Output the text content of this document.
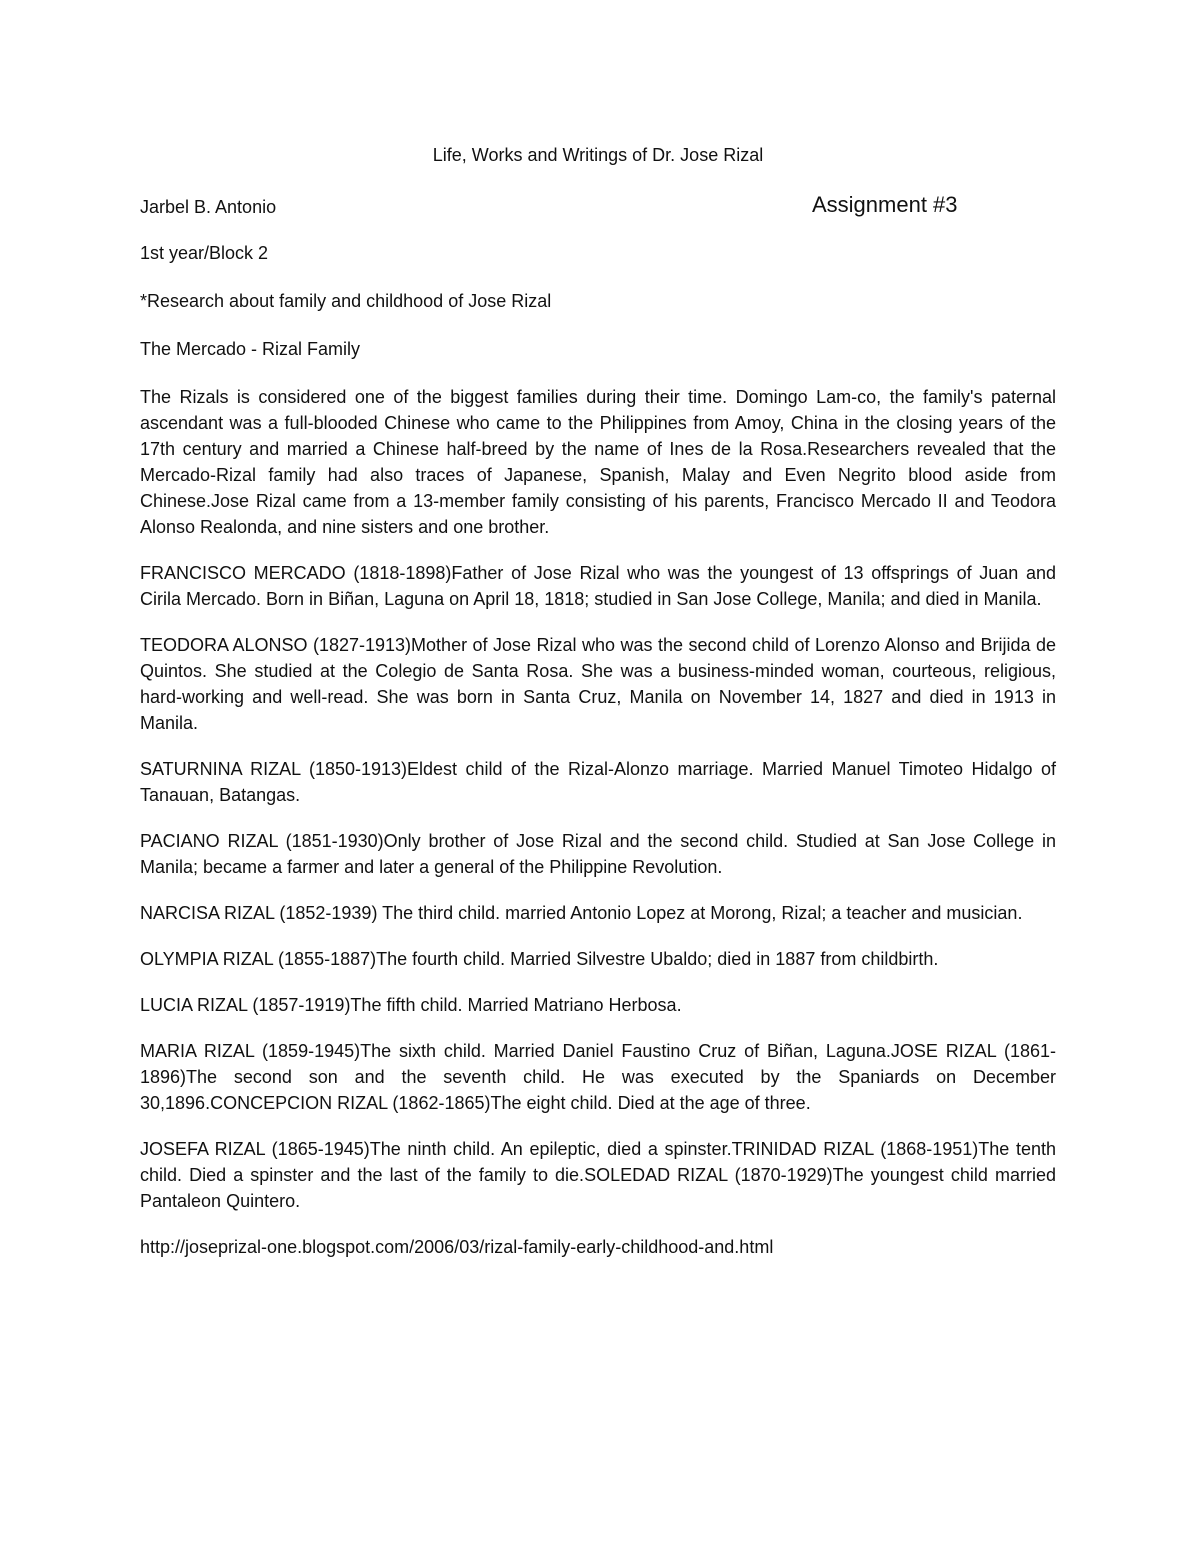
Life, Works and Writings of Dr. Jose Rizal

Jarbel B. Antonio	Assignment #3

1st year/Block 2

*Research about family and childhood of Jose Rizal

The Mercado - Rizal Family

The Rizals is considered one of the biggest families during their time. Domingo Lam-co, the family's paternal ascendant was a full-blooded Chinese who came to the Philippines from Amoy, China in the closing years of the 17th century and married a Chinese half-breed by the name of Ines de la Rosa.Researchers revealed that the Mercado-Rizal family had also traces of Japanese, Spanish, Malay and Even Negrito blood aside from Chinese.Jose Rizal came from a 13-member family consisting of his parents, Francisco Mercado II and Teodora Alonso Realonda, and nine sisters and one brother.

FRANCISCO MERCADO (1818-1898)Father of Jose Rizal who was the youngest of 13 offsprings of Juan and Cirila Mercado. Born in Biñan, Laguna on April 18, 1818; studied in San Jose College, Manila; and died in Manila.

TEODORA ALONSO (1827-1913)Mother of Jose Rizal who was the second child of Lorenzo Alonso and Brijida de Quintos. She studied at the Colegio de Santa Rosa. She was a business-minded woman, courteous, religious, hard-working and well-read. She was born in Santa Cruz, Manila on November 14, 1827 and died in 1913 in Manila.

SATURNINA RIZAL (1850-1913)Eldest child of the Rizal-Alonzo marriage. Married Manuel Timoteo Hidalgo of Tanauan, Batangas.

PACIANO RIZAL (1851-1930)Only brother of Jose Rizal and the second child. Studied at San Jose College in Manila; became a farmer and later a general of the Philippine Revolution.

NARCISA RIZAL (1852-1939) The third child. married Antonio Lopez at Morong, Rizal; a teacher and musician.

OLYMPIA RIZAL (1855-1887)The fourth child. Married Silvestre Ubaldo; died in 1887 from childbirth.

LUCIA RIZAL (1857-1919)The fifth child. Married Matriano Herbosa.

MARIA RIZAL (1859-1945)The sixth child. Married Daniel Faustino Cruz of Biñan, Laguna.JOSE RIZAL (1861-1896)The second son and the seventh child. He was executed by the Spaniards on December 30,1896.CONCEPCION RIZAL (1862-1865)The eight child. Died at the age of three.

JOSEFA RIZAL (1865-1945)The ninth child. An epileptic, died a spinster.TRINIDAD RIZAL (1868-1951)The tenth child. Died a spinster and the last of the family to die.SOLEDAD RIZAL (1870-1929)The youngest child married Pantaleon Quintero.

http://joseprizal-one.blogspot.com/2006/03/rizal-family-early-childhood-and.html
